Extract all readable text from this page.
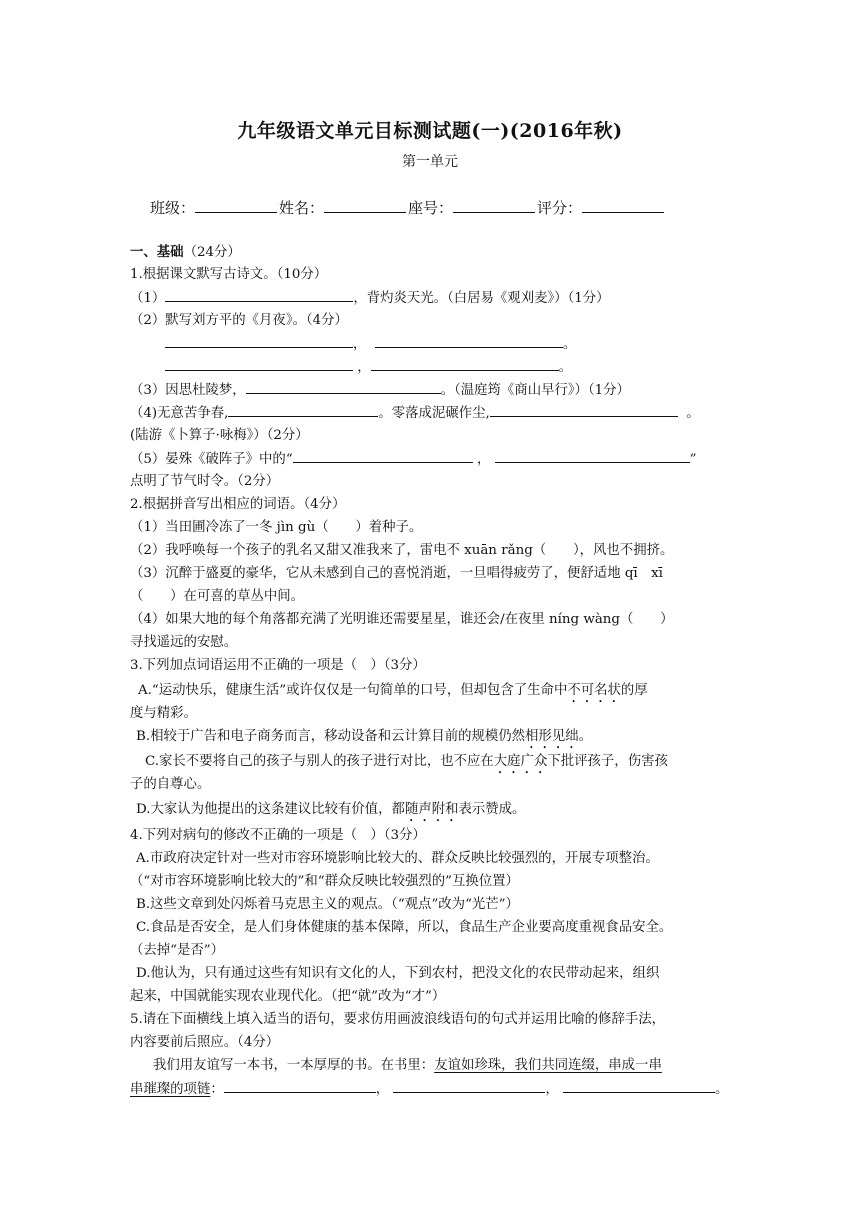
九年级语文单元目标测试题(一)(2016年秋)
第一单元
班级：	姓名：	座号：	评分：
一、基础（24分）
1.根据课文默写古诗文。（10分）
（1）	，背灼炎天光。（白居易《观刈麦》）（1分）
（2）默写刘方平的《月夜》。（4分）
，	。
，	。
（3）因思杜陵梦，	。（温庭筠《商山早行》）（1分）
（4)无意苦争春,	。零落成泥碾作尘,	。
(陆游《卜算子·咏梅》）（2分）
（5）晏殊《破阵子》中的“	，	”
点明了节气时令。（2分）
2.根据拼音写出相应的词语。（4分）
（1）当田圃冷冻了一冬 jìn gù（　　）着种子。
（2）我呼唤每一个孩子的乳名又甜又准我来了，雷电不 xuān rǎng（　　），风也不拥挤。
（3）沉醉于盛夏的豪华，它从未感到自己的喜悦消逝，一旦唱得疲劳了，便舒适地 qī　xī
（　　）在可喜的草丛中间。
（4）如果大地的每个角落都充满了光明谁还需要星星，谁还会/在夜里 níng wàng（　　）
寻找遥远的安慰。
3.下列加点词语运用不正确的一项是（　）（3分）
A.“运动快乐，健康生活”或许仅仅是一句简单的口号，但却包含了生命中不可名状的厚
度与精彩。
B.相较于广告和电子商务而言，移动设备和云计算目前的规模仍然相形见绌。
C.家长不要将自己的孩子与别人的孩子进行对比，也不应在大庭广众下批评孩子，伤害孩
子的自尊心。
D.大家认为他提出的这条建议比较有价值，都随声附和表示赞成。
4.下列对病句的修改不正确的一项是（　）（3分）
A.市政府决定针对一些对市容环境影响比较大的、群众反映比较强烈的，开展专项整治。
（“对市容环境影响比较大的”和“群众反映比较强烈的”互换位置）
B.这些文章到处闪烁着马克思主义的观点。（“观点”改为“光芒”）
C.食品是否安全，是人们身体健康的基本保障，所以，食品生产企业要高度重视食品安全。
（去掉“是否”）
D.他认为，只有通过这些有知识有文化的人，下到农村，把没文化的农民带动起来，组织
起来，中国就能实现农业现代化。（把“就”改为“才”）
5.请在下面横线上填入适当的语句，要求仿用画波浪线语句的句式并运用比喻的修辞手法，
内容要前后照应。（4分）
我们用友谊写一本书，一本厚厚的书。在书里：友谊如珍珠，我们共同连缀，串成一串
串璀璨的项链：	，	，	。
